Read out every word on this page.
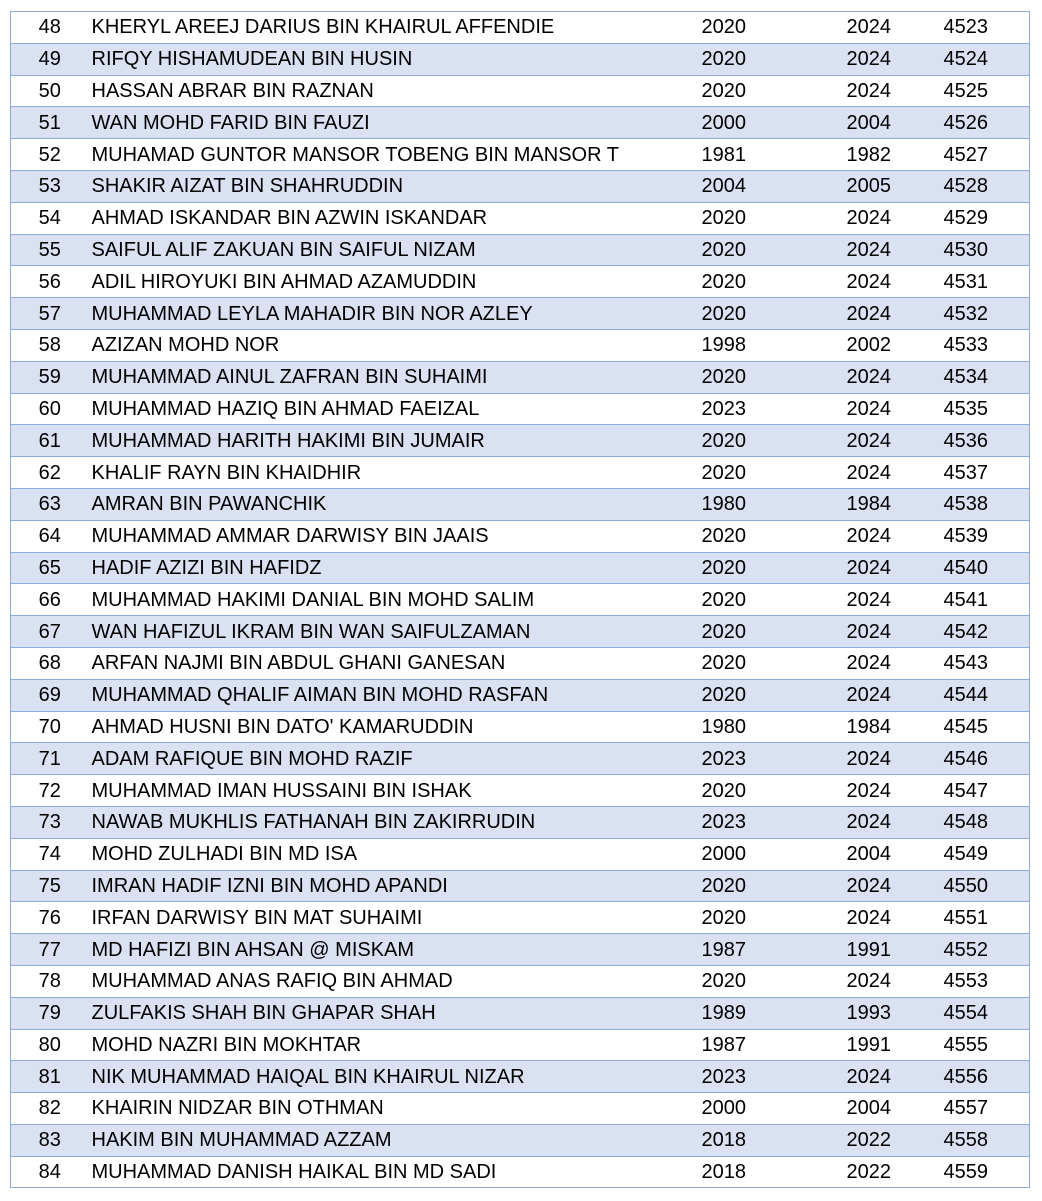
48	KHERYL AREEJ DARIUS BIN KHAIRUL AFFENDIE	2020	2024	4523
49	RIFQY HISHAMUDEAN BIN HUSIN	2020	2024	4524
50	HASSAN ABRAR BIN RAZNAN	2020	2024	4525
51	WAN MOHD FARID BIN FAUZI	2000	2004	4526
52	MUHAMAD GUNTOR MANSOR TOBENG BIN MANSOR T	1981	1982	4527
53	SHAKIR AIZAT BIN SHAHRUDDIN	2004	2005	4528
54	AHMAD ISKANDAR BIN AZWIN ISKANDAR	2020	2024	4529
55	SAIFUL ALIF ZAKUAN BIN SAIFUL NIZAM	2020	2024	4530
56	ADIL HIROYUKI BIN AHMAD AZAMUDDIN	2020	2024	4531
57	MUHAMMAD LEYLA MAHADIR BIN NOR AZLEY	2020	2024	4532
58	AZIZAN MOHD NOR	1998	2002	4533
59	MUHAMMAD AINUL ZAFRAN BIN SUHAIMI	2020	2024	4534
60	MUHAMMAD HAZIQ BIN AHMAD FAEIZAL	2023	2024	4535
61	MUHAMMAD HARITH HAKIMI BIN JUMAIR	2020	2024	4536
62	KHALIF RAYN BIN KHAIDHIR	2020	2024	4537
63	AMRAN BIN PAWANCHIK	1980	1984	4538
64	MUHAMMAD AMMAR DARWISY BIN JAAIS	2020	2024	4539
65	HADIF AZIZI BIN HAFIDZ	2020	2024	4540
66	MUHAMMAD HAKIMI DANIAL BIN MOHD SALIM	2020	2024	4541
67	WAN HAFIZUL IKRAM BIN WAN SAIFULZAMAN	2020	2024	4542
68	ARFAN NAJMI BIN ABDUL GHANI GANESAN	2020	2024	4543
69	MUHAMMAD QHALIF AIMAN BIN MOHD RASFAN	2020	2024	4544
70	AHMAD HUSNI BIN DATO' KAMARUDDIN	1980	1984	4545
71	ADAM RAFIQUE BIN MOHD RAZIF	2023	2024	4546
72	MUHAMMAD IMAN HUSSAINI BIN ISHAK	2020	2024	4547
73	NAWAB MUKHLIS FATHANAH BIN ZAKIRRUDIN	2023	2024	4548
74	MOHD ZULHADI BIN MD ISA	2000	2004	4549
75	IMRAN HADIF IZNI BIN MOHD APANDI	2020	2024	4550
76	IRFAN DARWISY BIN MAT SUHAIMI	2020	2024	4551
77	MD HAFIZI BIN AHSAN @ MISKAM	1987	1991	4552
78	MUHAMMAD ANAS RAFIQ BIN AHMAD	2020	2024	4553
79	ZULFAKIS SHAH BIN GHAPAR SHAH	1989	1993	4554
80	MOHD NAZRI BIN MOKHTAR	1987	1991	4555
81	NIK MUHAMMAD HAIQAL BIN KHAIRUL NIZAR	2023	2024	4556
82	KHAIRIN NIDZAR BIN OTHMAN	2000	2004	4557
83	HAKIM BIN MUHAMMAD AZZAM	2018	2022	4558
84	MUHAMMAD DANISH HAIKAL BIN MD SADI	2018	2022	4559
